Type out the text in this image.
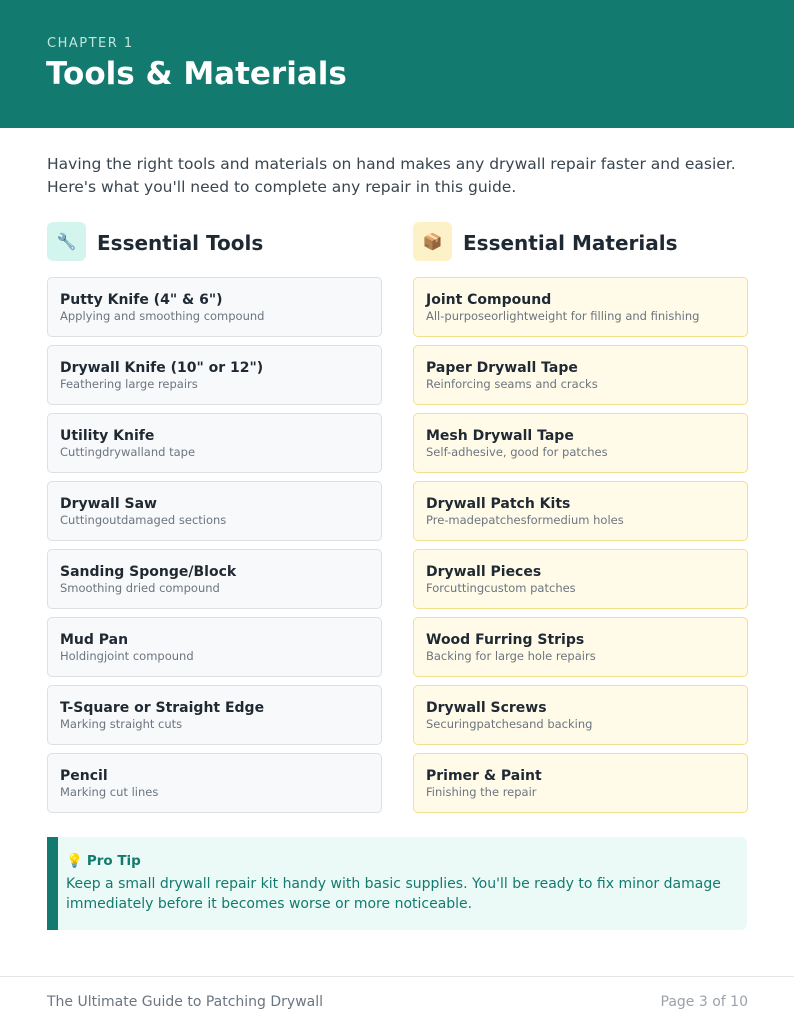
CHAPTER 1
Tools & Materials

Having the right tools and materials on hand makes any drywall repair faster and easier. Here's what you'll need to complete any repair in this guide.

🔧	Essential Tools
Putty Knife (4" & 6")
Applying and smoothing compound
Drywall Knife (10" or 12")
Feathering large repairs
Utility Knife
Cuttingdrywalland tape
Drywall Saw
Cuttingoutdamaged sections
Sanding Sponge/Block
Smoothing dried compound
Mud Pan
Holdingjoint compound
T-Square or Straight Edge
Marking straight cuts
Pencil
Marking cut lines
📦	Essential Materials
Joint Compound
All-purposeorlightweight for filling and finishing
Paper Drywall Tape
Reinforcing seams and cracks
Mesh Drywall Tape
Self-adhesive, good for patches
Drywall Patch Kits
Pre-madepatchesformedium holes
Drywall Pieces
Forcuttingcustom patches
Wood Furring Strips
Backing for large hole repairs
Drywall Screws
Securingpatchesand backing
Primer & Paint
Finishing the repair
💡 Pro Tip
Keep a small drywall repair kit handy with basic supplies. You'll be ready to fix minor damage immediately before it becomes worse or more noticeable.
The Ultimate Guide to Patching Drywall	Page 3 of 10
